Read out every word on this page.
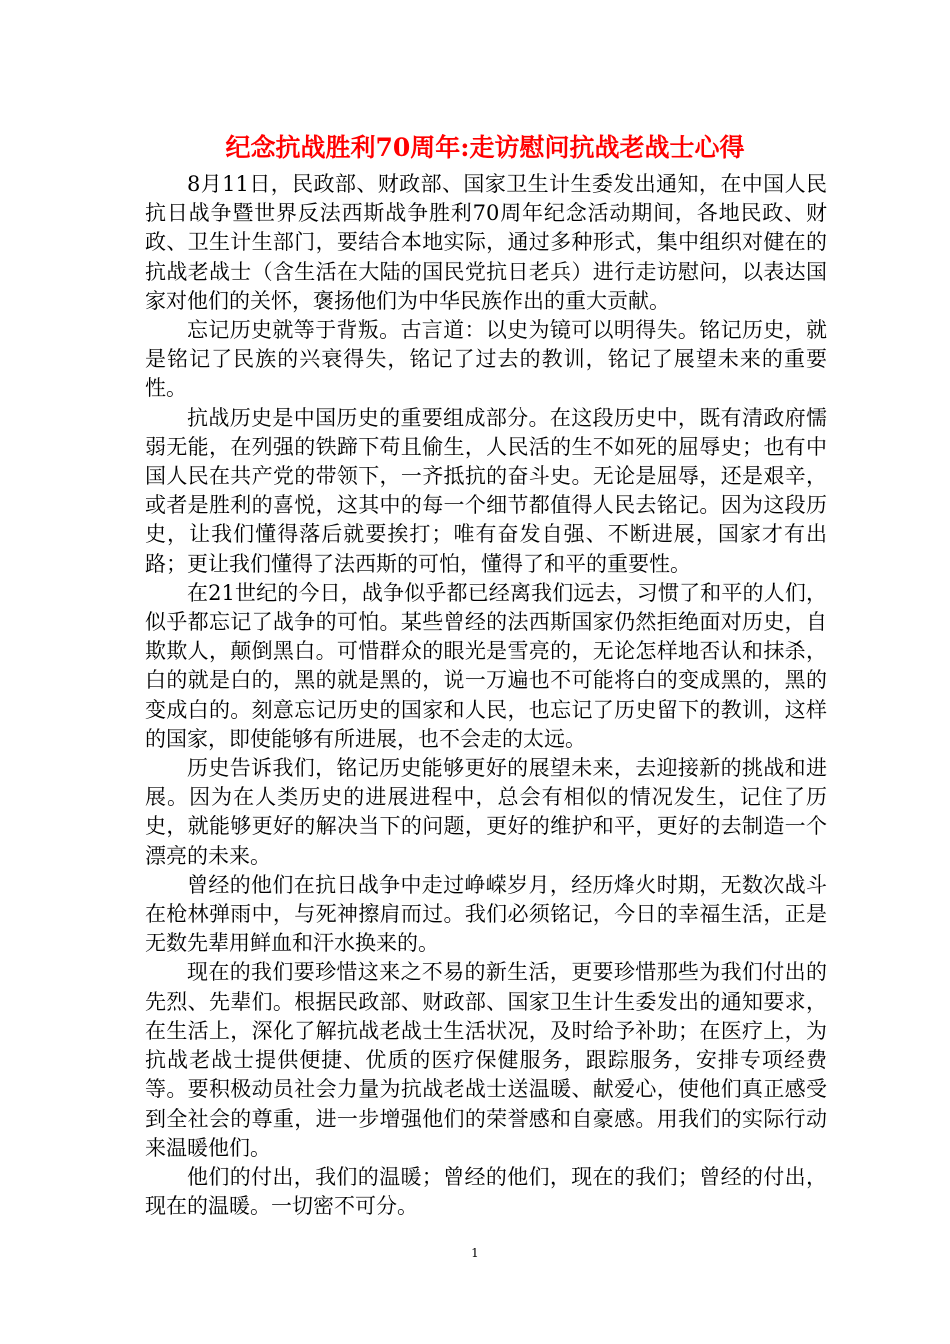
纪念抗战胜利70周年:走访慰问抗战老战士心得

8月11日，民政部、财政部、国家卫生计生委发出通知，在中国人民抗日战争暨世界反法西斯战争胜利70周年纪念活动期间，各地民政、财政、卫生计生部门，要结合本地实际，通过多种形式，集中组织对健在的抗战老战士（含生活在大陆的国民党抗日老兵）进行走访慰问，以表达国家对他们的关怀，褒扬他们为中华民族作出的重大贡献。

忘记历史就等于背叛。古言道：以史为镜可以明得失。铭记历史，就是铭记了民族的兴衰得失，铭记了过去的教训，铭记了展望未来的重要性。

抗战历史是中国历史的重要组成部分。在这段历史中，既有清政府懦弱无能，在列强的铁蹄下苟且偷生，人民活的生不如死的屈辱史；也有中国人民在共产党的带领下，一齐抵抗的奋斗史。无论是屈辱，还是艰辛，或者是胜利的喜悦，这其中的每一个细节都值得人民去铭记。因为这段历史，让我们懂得落后就要挨打；唯有奋发自强、不断进展，国家才有出路；更让我们懂得了法西斯的可怕，懂得了和平的重要性。

在21世纪的今日，战争似乎都已经离我们远去，习惯了和平的人们，似乎都忘记了战争的可怕。某些曾经的法西斯国家仍然拒绝面对历史，自欺欺人，颠倒黑白。可惜群众的眼光是雪亮的，无论怎样地否认和抹杀，白的就是白的，黑的就是黑的，说一万遍也不可能将白的变成黑的，黑的变成白的。刻意忘记历史的国家和人民，也忘记了历史留下的教训，这样的国家，即使能够有所进展，也不会走的太远。

历史告诉我们，铭记历史能够更好的展望未来，去迎接新的挑战和进展。因为在人类历史的进展进程中，总会有相似的情况发生，记住了历史，就能够更好的解决当下的问题，更好的维护和平，更好的去制造一个漂亮的未来。

曾经的他们在抗日战争中走过峥嵘岁月，经历烽火时期，无数次战斗在枪林弹雨中，与死神擦肩而过。我们必须铭记，今日的幸福生活，正是无数先辈用鲜血和汗水换来的。

现在的我们要珍惜这来之不易的新生活，更要珍惜那些为我们付出的先烈、先辈们。根据民政部、财政部、国家卫生计生委发出的通知要求，在生活上，深化了解抗战老战士生活状况，及时给予补助；在医疗上，为抗战老战士提供便捷、优质的医疗保健服务，跟踪服务，安排专项经费等。要积极动员社会力量为抗战老战士送温暖、献爱心，使他们真正感受到全社会的尊重，进一步增强他们的荣誉感和自豪感。用我们的实际行动来温暖他们。

他们的付出，我们的温暖；曾经的他们，现在的我们；曾经的付出，现在的温暖。一切密不可分。

1
